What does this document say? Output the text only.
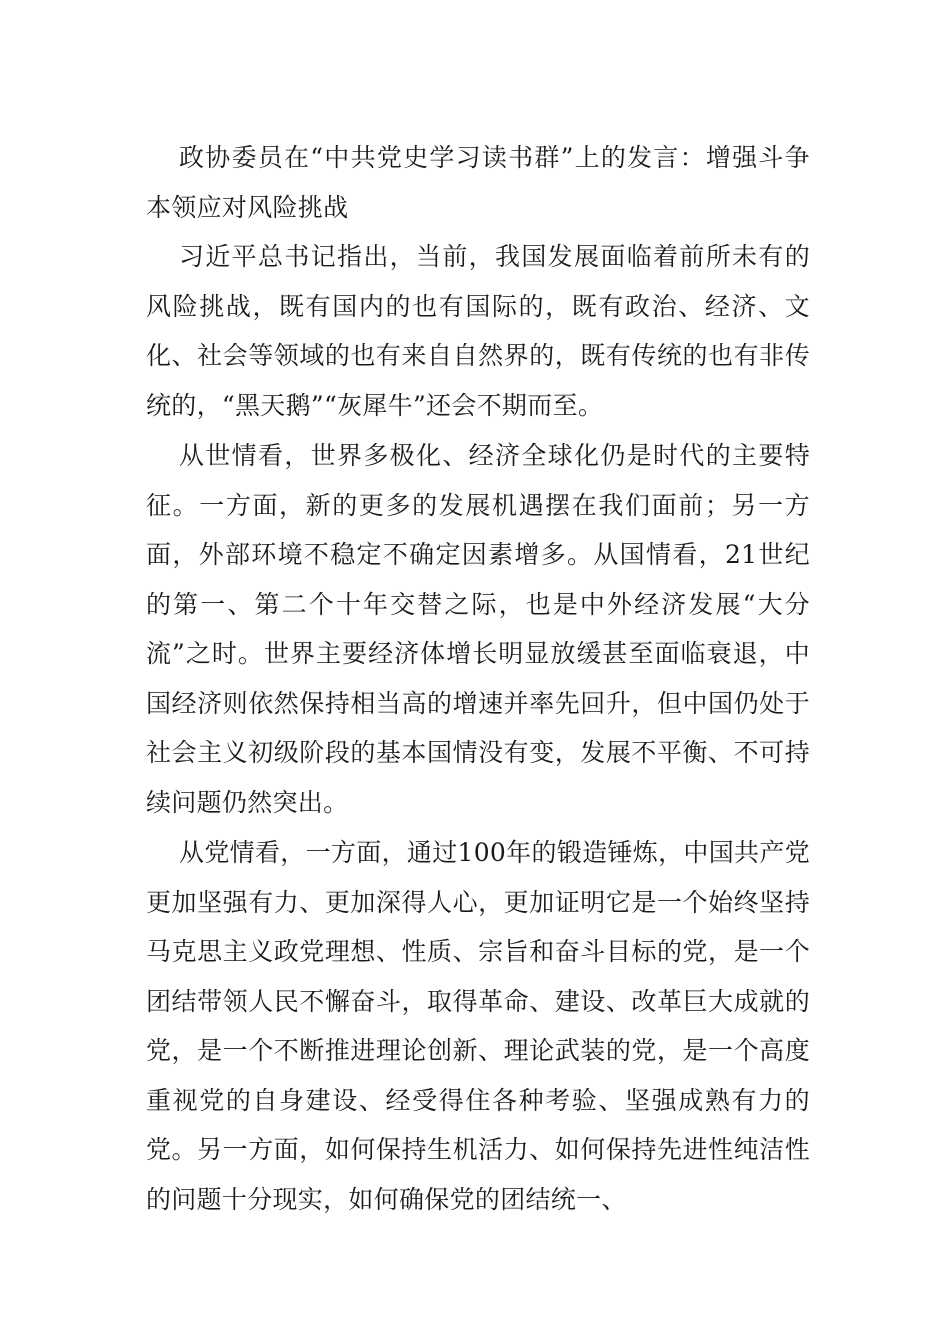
政协委员在“中共党史学习读书群”上的发言：增强斗争本领应对风险挑战

习近平总书记指出，当前，我国发展面临着前所未有的风险挑战，既有国内的也有国际的，既有政治、经济、文化、社会等领域的也有来自自然界的，既有传统的也有非传统的，“黑天鹅”“灰犀牛”还会不期而至。

从世情看，世界多极化、经济全球化仍是时代的主要特征。一方面，新的更多的发展机遇摆在我们面前；另一方面，外部环境不稳定不确定因素增多。从国情看，21世纪的第一、第二个十年交替之际，也是中外经济发展“大分流”之时。世界主要经济体增长明显放缓甚至面临衰退，中国经济则依然保持相当高的增速并率先回升，但中国仍处于社会主义初级阶段的基本国情没有变，发展不平衡、不可持续问题仍然突出。

从党情看，一方面，通过100年的锻造锤炼，中国共产党更加坚强有力、更加深得人心，更加证明它是一个始终坚持马克思主义政党理想、性质、宗旨和奋斗目标的党，是一个团结带领人民不懈奋斗，取得革命、建设、改革巨大成就的党，是一个不断推进理论创新、理论武装的党，是一个高度重视党的自身建设、经受得住各种考验、坚强成熟有力的党。另一方面，如何保持生机活力、如何保持先进性纯洁性的问题十分现实，如何确保党的团结统一、
